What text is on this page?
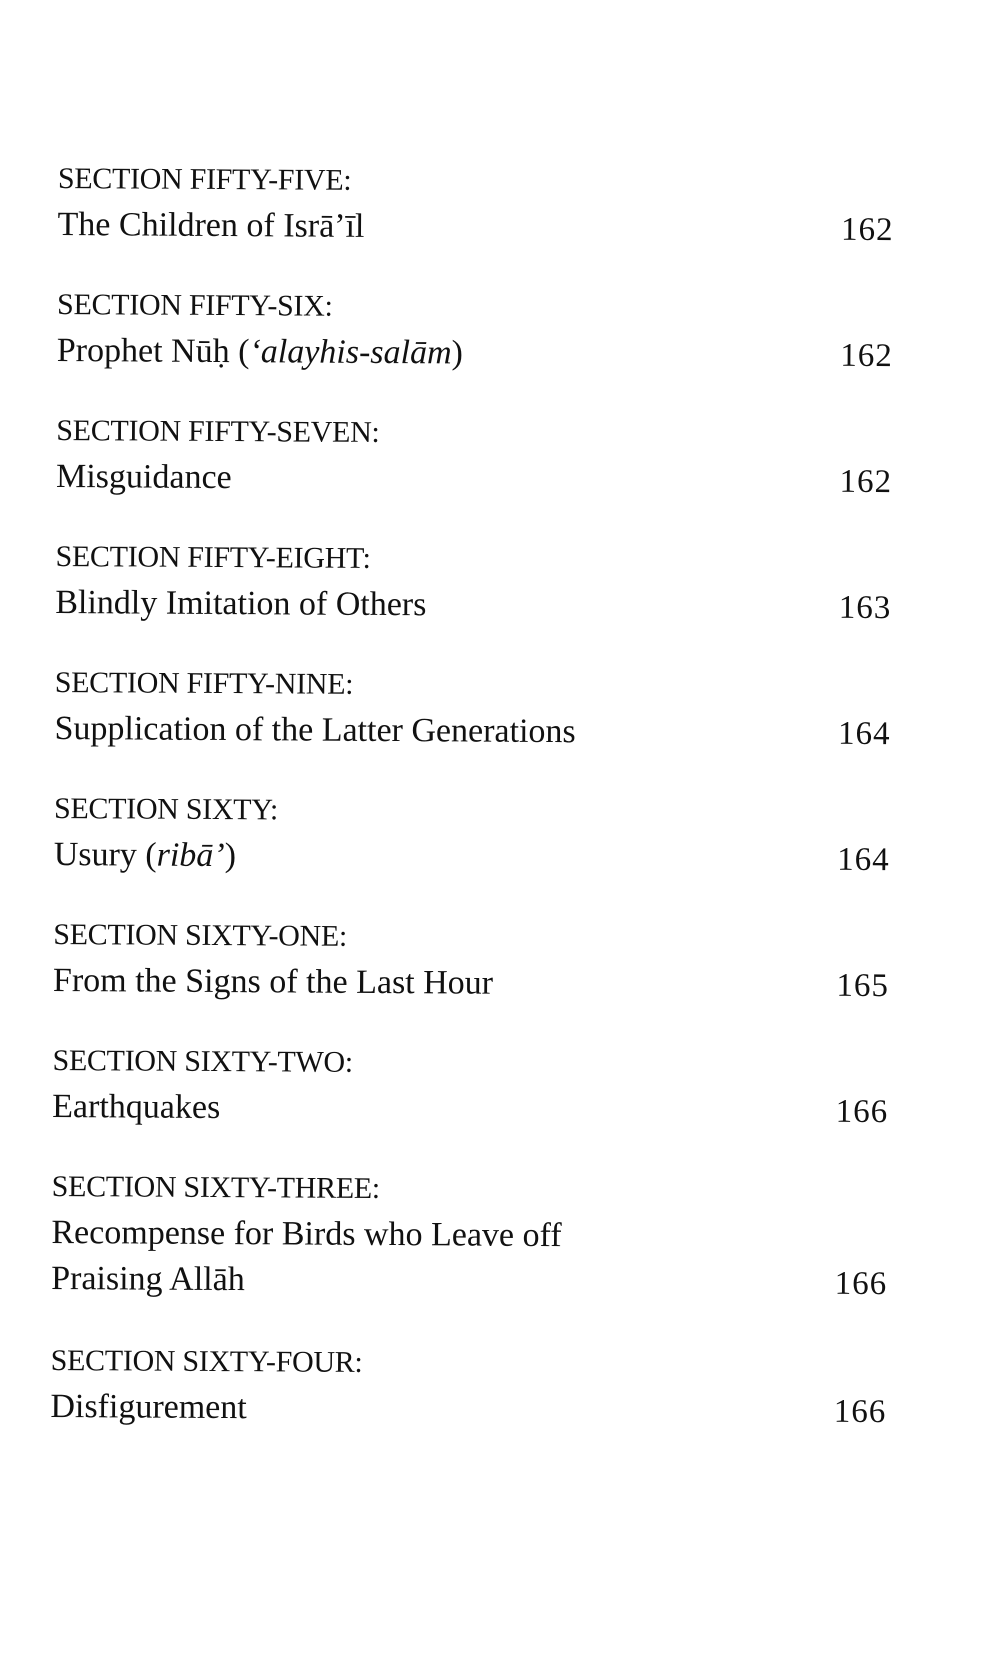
SECTION FIFTY-FIVE:
The Children of Isrā’īl	162
SECTION FIFTY-SIX:
Prophet Nūḥ (‘alayhis-salām)	162
SECTION FIFTY-SEVEN:
Misguidance	162
SECTION FIFTY-EIGHT:
Blindly Imitation of Others	163
SECTION FIFTY-NINE:
Supplication of the Latter Generations	164
SECTION SIXTY:
Usury (ribā’)	164
SECTION SIXTY-ONE:
From the Signs of the Last Hour	165
SECTION SIXTY-TWO:
Earthquakes	166
SECTION SIXTY-THREE:
Recompense for Birds who Leave off
Praising Allāh	166
SECTION SIXTY-FOUR:
Disfigurement	166
